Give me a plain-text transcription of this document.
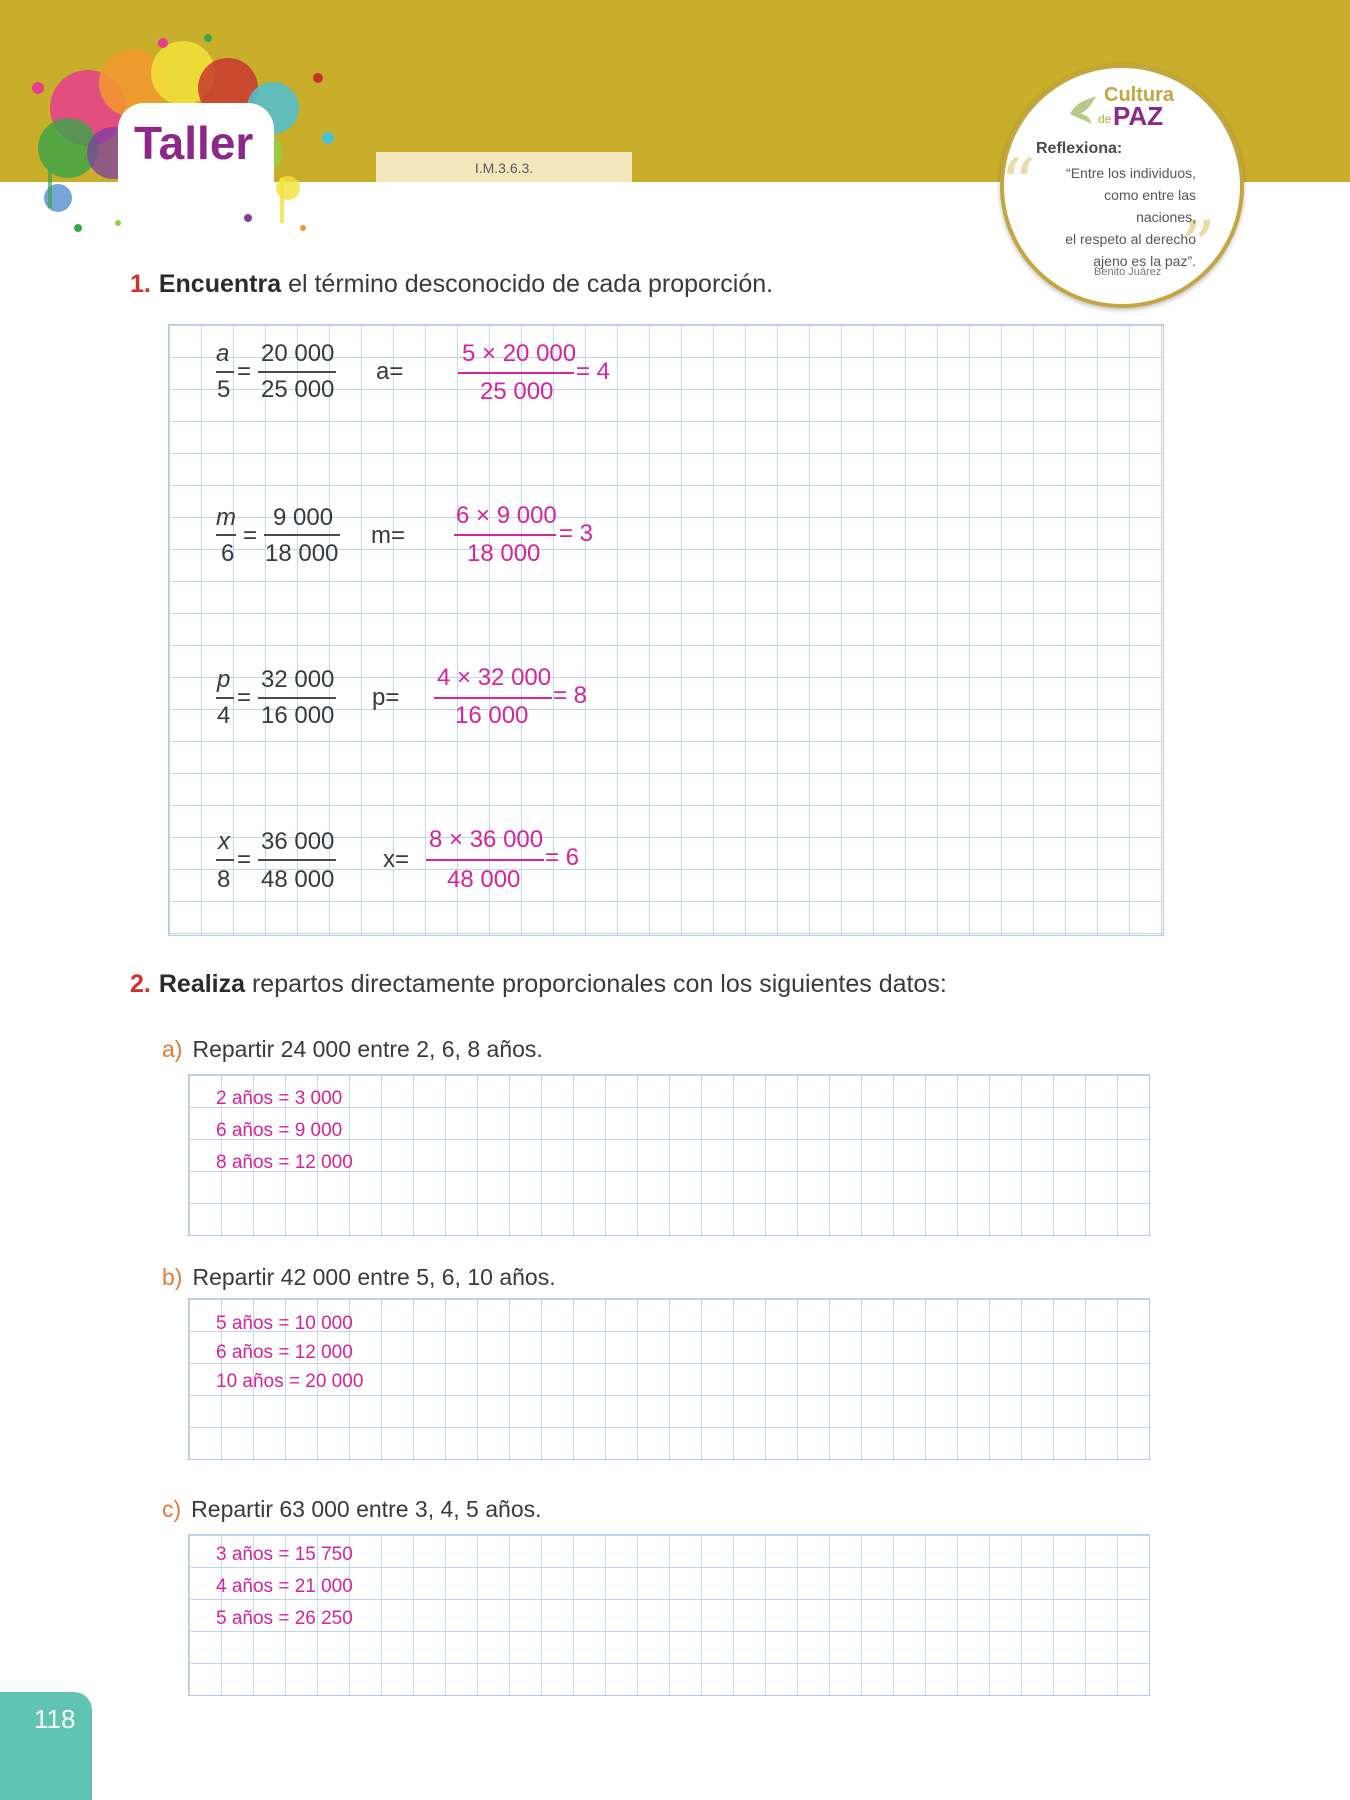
Taller	I.M.3.6.3.
Cultura
de PAZ
Reflexiona:
“
”
“Entre los individuos,
como entre las naciones,
el respeto al derecho
ajeno es la paz”.
Benito Juárez
1. Encuentra el término desconocido de cada proporción.
a
5
=
20 000
25 000
a=
5 × 20 000
25 000
= 4
m
6
=
9 000
18 000
m=
6 × 9 000
18 000
= 3
p
4
=
32 000
16 000
p=
4 × 32 000
16 000
= 8
x
8
=
36 000
48 000
x=
8 × 36 000
48 000
= 6
2. Realiza repartos directamente proporcionales con los siguientes datos:
a) Repartir 24 000 entre 2, 6, 8 años.
2 años = 3 000
6 años = 9 000
8 años = 12 000
b) Repartir 42 000 entre 5, 6, 10 años.
5 años = 10 000
6 años = 12 000
10 años = 20 000
c) Repartir 63 000 entre 3, 4, 5 años.
3 años = 15 750
4 años = 21 000
5 años = 26 250
118
